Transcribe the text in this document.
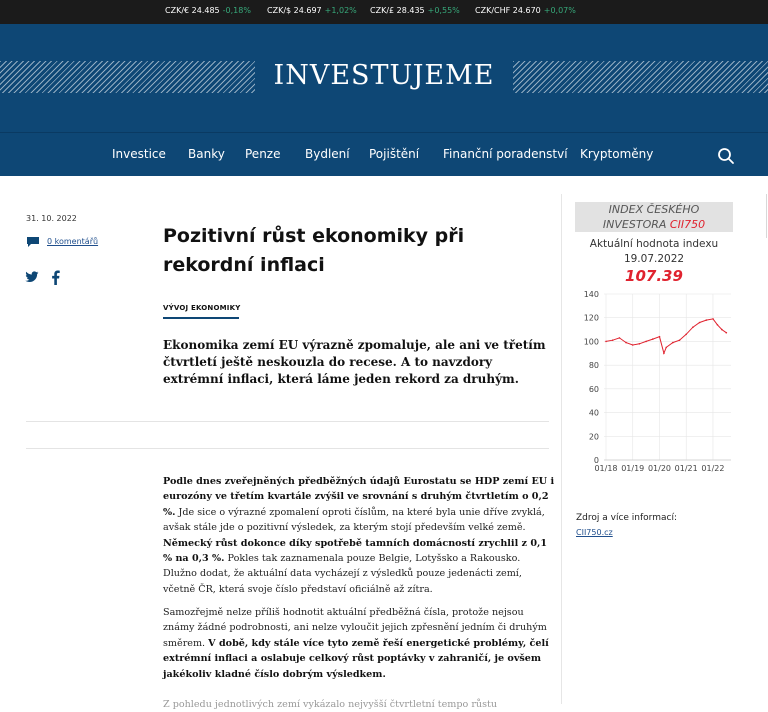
CZK/€ 24.485 -0,18% CZK/$ 24.697 +1,02% CZK/£ 28.435 +0,55% CZK/CHF 24.670 +0,07%
INVESTUJEME
Investice Banky Penze Bydlení Pojištění Finanční poradenství Kryptoměny
31. 10. 2022
0 komentářů	Pozitivní růst ekonomiky při rekordní inflaci
VÝVOJ EKONOMIKY

Ekonomika zemí EU výrazně zpomaluje, ale ani ve třetím čtvrtletí ještě neskouzla do recese. A to navzdory extrémní inflaci, která láme jeden rekord za druhým.

Podle dnes zveřejněných předběžných údajů Eurostatu se HDP zemí EU i eurozóny ve třetím kvartále zvýšil ve srovnání s druhým čtvrtletím o 0,2 %. Jde sice o výrazné zpomalení oproti číslům, na které byla unie dříve zvyklá, avšak stále jde o pozitivní výsledek, za kterým stojí především velké země. Německý růst dokonce díky spotřebě tamních domácností zrychlil z 0,1 % na 0,3 %. Pokles tak zaznamenala pouze Belgie, Lotyšsko a Rakousko. Dlužno dodat, že aktuální data vycházejí z výsledků pouze jedenácti zemí, včetně ČR, která svoje číslo představí oficiálně až zítra.

Samozřejmě nelze příliš hodnotit aktuální předběžná čísla, protože nejsou známy žádné podrobnosti, ani nelze vyloučit jejich zpřesnění jedním či druhým směrem. V době, kdy stále více tyto země řeší energetické problémy, čelí extrémní inflaci a oslabuje celkový růst poptávky v zahraničí, je ovšem jakékoliv kladné číslo dobrým výsledkem.

Z pohledu jednotlivých zemí vykázalo nejvyšší čtvrtletní tempo růstu

INDEX ČESKÉHO
INVESTORA CII750
Aktuální hodnota indexu
19.07.2022
107.39
0
20
40
60
80
100
120
140
01/18 01/19 01/20 01/21 01/22
Zdroj a více informací:
CII750.cz
